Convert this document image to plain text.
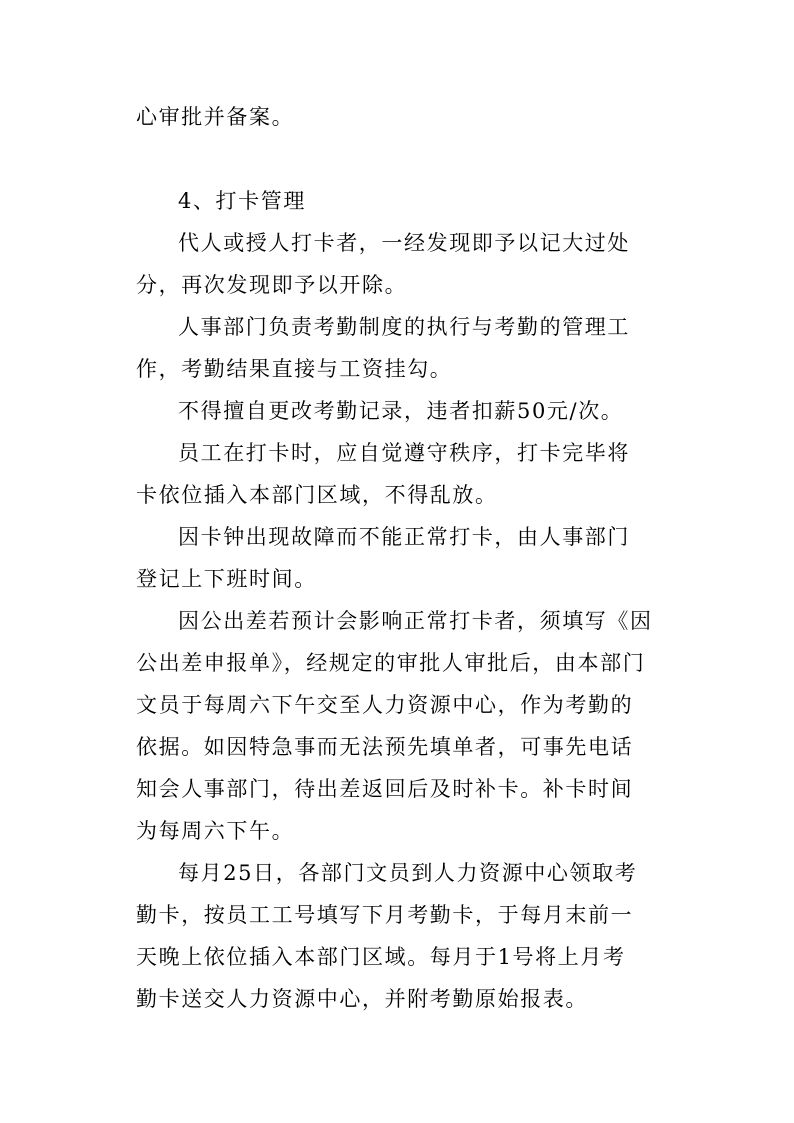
心审批并备案。
4、打卡管理
代人或授人打卡者，一经发现即予以记大过处
分，再次发现即予以开除。
人事部门负责考勤制度的执行与考勤的管理工
作，考勤结果直接与工资挂勾。
不得擅自更改考勤记录，违者扣薪50元/次。
员工在打卡时，应自觉遵守秩序，打卡完毕将
卡依位插入本部门区域，不得乱放。
因卡钟出现故障而不能正常打卡，由人事部门
登记上下班时间。
因公出差若预计会影响正常打卡者，须填写《因
公出差申报单》，经规定的审批人审批后，由本部门
文员于每周六下午交至人力资源中心，作为考勤的
依据。如因特急事而无法预先填单者，可事先电话
知会人事部门，待出差返回后及时补卡。补卡时间
为每周六下午。
每月25日，各部门文员到人力资源中心领取考
勤卡，按员工工号填写下月考勤卡，于每月末前一
天晚上依位插入本部门区域。每月于1号将上月考
勤卡送交人力资源中心，并附考勤原始报表。
